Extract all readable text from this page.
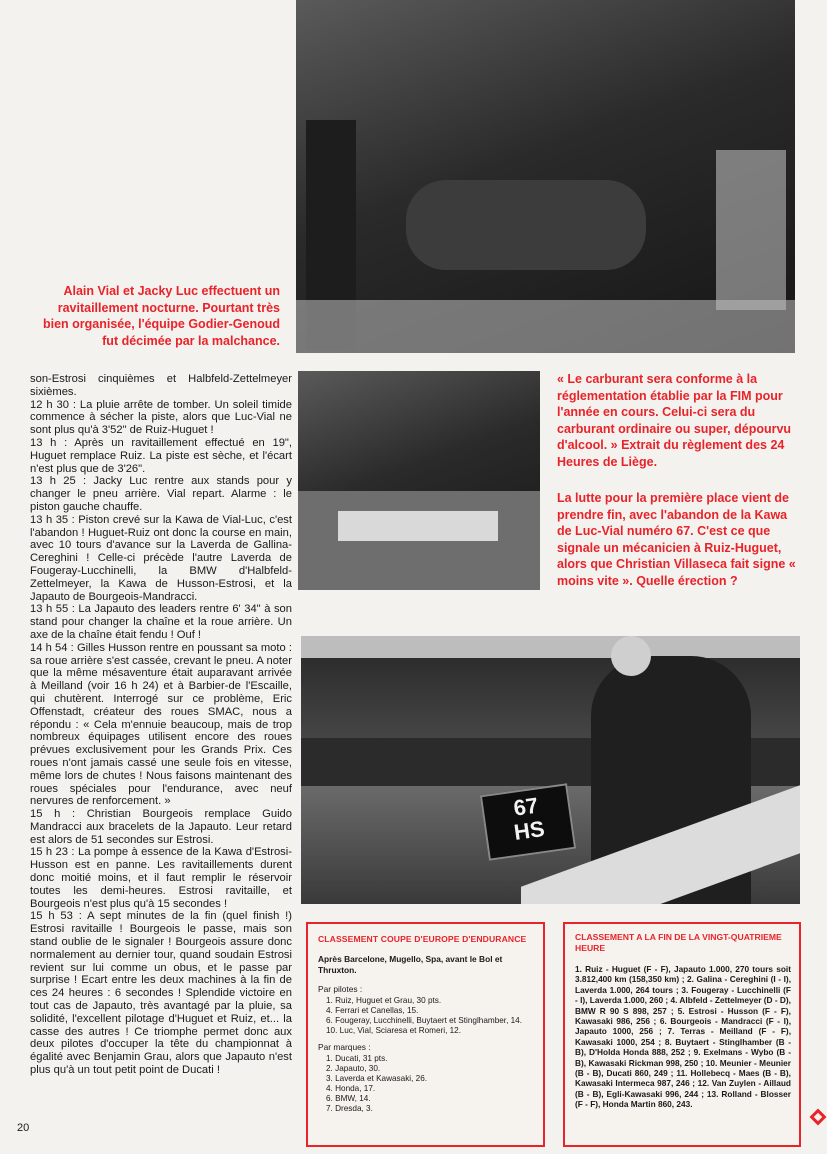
67
HS
Alain Vial et Jacky Luc effectuent un ravitaillement nocturne. Pourtant très bien organisée, l'équipe Godier-Genoud fut décimée par la malchance.
« Le carburant sera conforme à la réglementation établie par la FIM pour l'année en cours. Celui-ci sera du carburant ordinaire ou super, dépourvu d'alcool. » Extrait du règlement des 24 Heures de Liège.
La lutte pour la première place vient de prendre fin, avec l'abandon de la Kawa de Luc-Vial numéro 67. C'est ce que signale un mécanicien à Ruiz-Huguet, alors que Christian Villaseca fait signe « moins vite ». Quelle érection ?

son-Estrosi cinquièmes et Halbfeld-Zettelmeyer sixièmes.

12 h 30 : La pluie arrête de tomber. Un soleil timide commence à sécher la piste, alors que Luc-Vial ne sont plus qu'à 3'52" de Ruiz-Huguet !

13 h : Après un ravitaillement effectué en 19", Huguet remplace Ruiz. La piste est sèche, et l'écart n'est plus que de 3'26".

13 h 25 : Jacky Luc rentre aux stands pour y changer le pneu arrière. Vial repart. Alarme : le piston gauche chauffe.

13 h 35 : Piston crevé sur la Kawa de Vial-Luc, c'est l'abandon ! Huguet-Ruiz ont donc la course en main, avec 10 tours d'avance sur la Laverda de Gallina-Cereghini ! Celle-ci précède l'autre Laverda de Fougeray-Lucchinelli, la BMW d'Halbfeld-Zettelmeyer, la Kawa de Husson-Estrosi, et la Japauto de Bourgeois-Mandracci.

13 h 55 : La Japauto des leaders rentre 6' 34" à son stand pour changer la chaîne et la roue arrière. Un axe de la chaîne était fendu ! Ouf !

14 h 54 : Gilles Husson rentre en poussant sa moto : sa roue arrière s'est cassée, crevant le pneu. A noter que la même mésaventure était auparavant arrivée à Meilland (voir 16 h 24) et à Barbier-de l'Escaille, qui chutèrent. Interrogé sur ce problème, Eric Offenstadt, créateur des roues SMAC, nous a répondu : « Cela m'ennuie beaucoup, mais de trop nombreux équipages utilisent encore des roues prévues exclusivement pour les Grands Prix. Ces roues n'ont jamais cassé une seule fois en vitesse, même lors de chutes ! Nous faisons maintenant des roues spéciales pour l'endurance, avec neuf nervures de renforcement. »

15 h : Christian Bourgeois remplace Guido Mandracci aux bracelets de la Japauto. Leur retard est alors de 51 secondes sur Estrosi.

15 h 23 : La pompe à essence de la Kawa d'Estrosi-Husson est en panne. Les ravitaillements durent donc moitié moins, et il faut remplir le réservoir toutes les demi-heures. Estrosi ravitaille, et Bourgeois n'est plus qu'à 15 secondes !

15 h 53 : A sept minutes de la fin (quel finish !) Estrosi ravitaille ! Bourgeois le passe, mais son stand oublie de le signaler ! Bourgeois assure donc normalement au dernier tour, quand soudain Estrosi revient sur lui comme un obus, et le passe par surprise ! Ecart entre les deux machines à la fin de ces 24 heures : 6 secondes ! Splendide victoire en tout cas de Japauto, très avantagé par la pluie, sa solidité, l'excellent pilotage d'Huguet et Ruiz, et... la casse des autres ! Ce triomphe permet donc aux deux pilotes d'occuper la tête du championnat à égalité avec Benjamin Grau, alors que Japauto n'est plus qu'à un tout petit point de Ducati !

CLASSEMENT COUPE D'EUROPE D'ENDURANCE
Après Barcelone, Mugello, Spa, avant le Bol et Thruxton.
Par pilotes :
1. Ruiz, Huguet et Grau, 30 pts.
4. Ferrari et Canellas, 15.
6. Fougeray, Lucchinelli, Buytaert et Stinglhamber, 14.
10. Luc, Vial, Sciaresa et Romeri, 12.
Par marques :
1. Ducati, 31 pts.
2. Japauto, 30.
3. Laverda et Kawasaki, 26.
4. Honda, 17.
6. BMW, 14.
7. Dresda, 3.
CLASSEMENT A LA FIN DE LA VINGT-QUATRIEME HEURE
1. Ruiz - Huguet (F - F), Japauto 1.000, 270 tours soit 3.812,400 km (158,350 km) ; 2. Galina - Cereghini (I - I), Laverda 1.000, 264 tours ; 3. Fougeray - Lucchinelli (F - I), Laverda 1.000, 260 ; 4. Albfeld - Zettelmeyer (D - D), BMW R 90 S 898, 257 ; 5. Estrosi - Husson (F - F), Kawasaki 986, 256 ; 6. Bourgeois - Mandracci (F - I), Japauto 1000, 256 ; 7. Terras - Meilland (F - F), Kawasaki 1000, 254 ; 8. Buytaert - Stinglhamber (B - B), D'Holda Honda 888, 252 ; 9. Exelmans - Wybo (B - B), Kawasaki Rickman 998, 250 ; 10. Meunier - Meunier (B - B), Ducati 860, 249 ; 11. Hollebecq - Maes (B - B), Kawasaki Intermeca 987, 246 ; 12. Van Zuylen - Aillaud (B - B), Egli-Kawasaki 996, 244 ; 13. Rolland - Blosser (F - F), Honda Martin 860, 243.
20
